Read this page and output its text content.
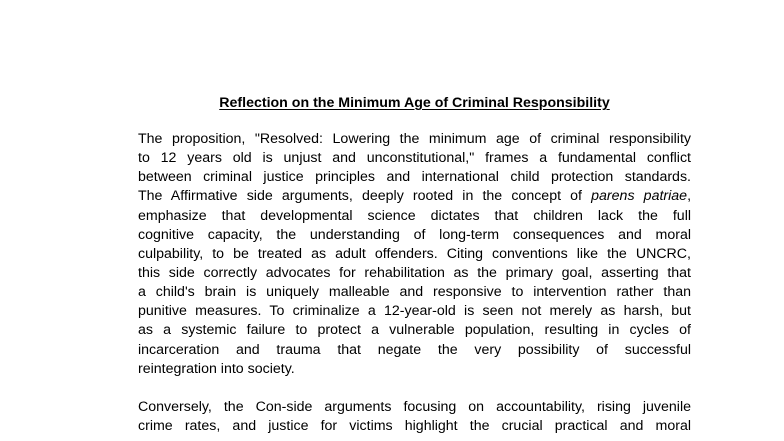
Reflection on the Minimum Age of Criminal Responsibility

The proposition, "Resolved: Lowering the minimum age of criminal responsibility
to 12 years old is unjust and unconstitutional," frames a fundamental conflict
between criminal justice principles and international child protection standards.
The Affirmative side arguments, deeply rooted in the concept of parens patriae,
emphasize that developmental science dictates that children lack the full
cognitive capacity, the understanding of long-term consequences and moral
culpability, to be treated as adult offenders. Citing conventions like the UNCRC,
this side correctly advocates for rehabilitation as the primary goal, asserting that
a child's brain is uniquely malleable and responsive to intervention rather than
punitive measures. To criminalize a 12-year-old is seen not merely as harsh, but
as a systemic failure to protect a vulnerable population, resulting in cycles of
incarceration and trauma that negate the very possibility of successful
reintegration into society.

Conversely, the Con-side arguments focusing on accountability, rising juvenile
crime rates, and justice for victims highlight the crucial practical and moral
